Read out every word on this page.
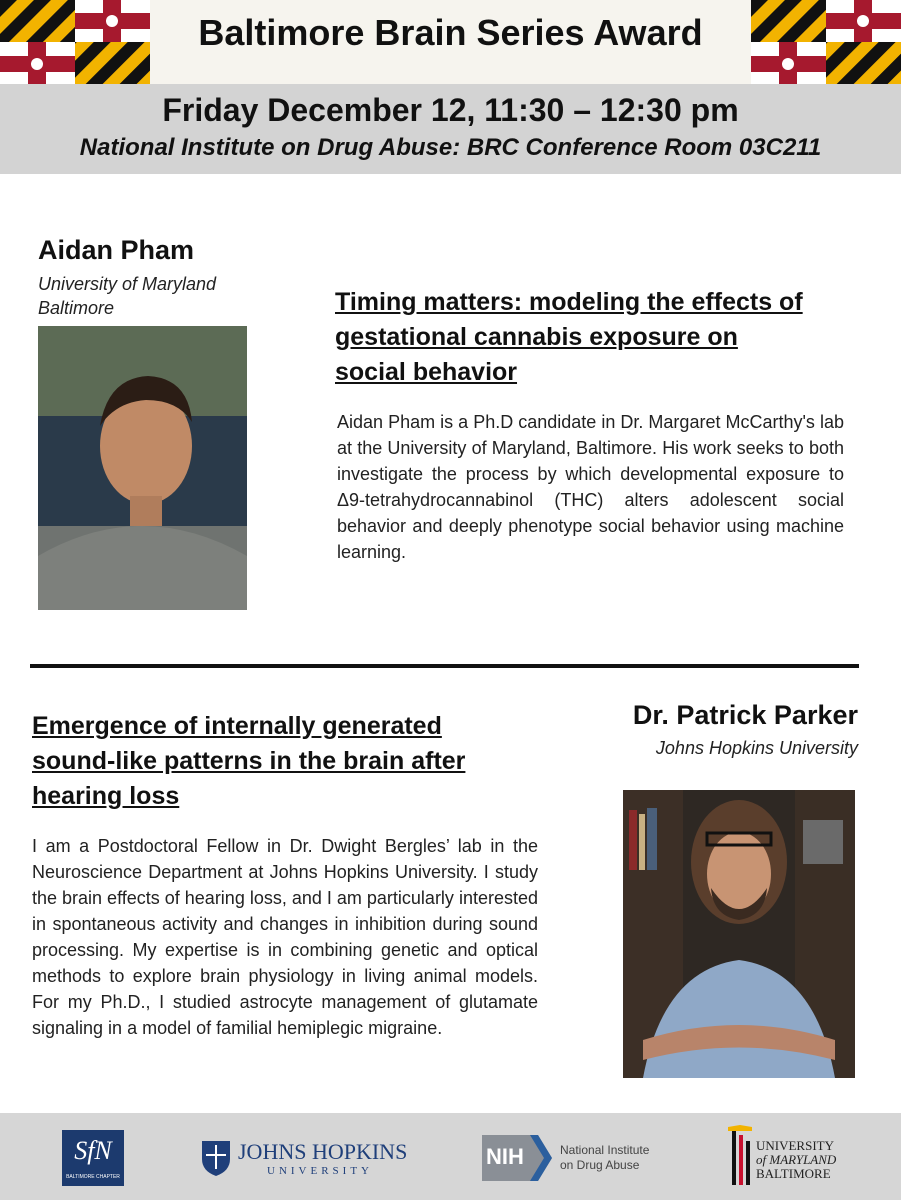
Baltimore Brain Series Award
Friday December 12, 11:30 – 12:30 pm
National Institute on Drug Abuse: BRC Conference Room 03C211
Aidan Pham
University of Maryland
Baltimore	Timing matters: modeling the effects of
gestational cannabis exposure on
social behavior
Aidan Pham is a Ph.D candidate in Dr. Margaret McCarthy's lab at the University of Maryland, Baltimore. His work seeks to both investigate the process by which developmental exposure to Δ9-tetrahydrocannabinol (THC) alters adolescent social behavior and deeply phenotype social behavior using machine learning.
Emergence of internally generated
sound-like patterns in the brain after
hearing loss
Dr. Patrick Parker
Johns Hopkins University
I am a Postdoctoral Fellow in Dr. Dwight Bergles’ lab in the Neuroscience Department at Johns Hopkins University. I study the brain effects of hearing loss, and I am particularly interested in spontaneous activity and changes in inhibition during sound processing. My expertise is in combining genetic and optical methods to explore brain physiology in living animal models. For my Ph.D., I studied astrocyte management of glutamate signaling in a model of familial hemiplegic migraine.
SfN
BALTIMORE CHAPTER
JOHNS HOPKINS
UNIVERSITY
NIH	National Institute
on Drug Abuse
UNIVERSITY
of MARYLAND
BALTIMORE
